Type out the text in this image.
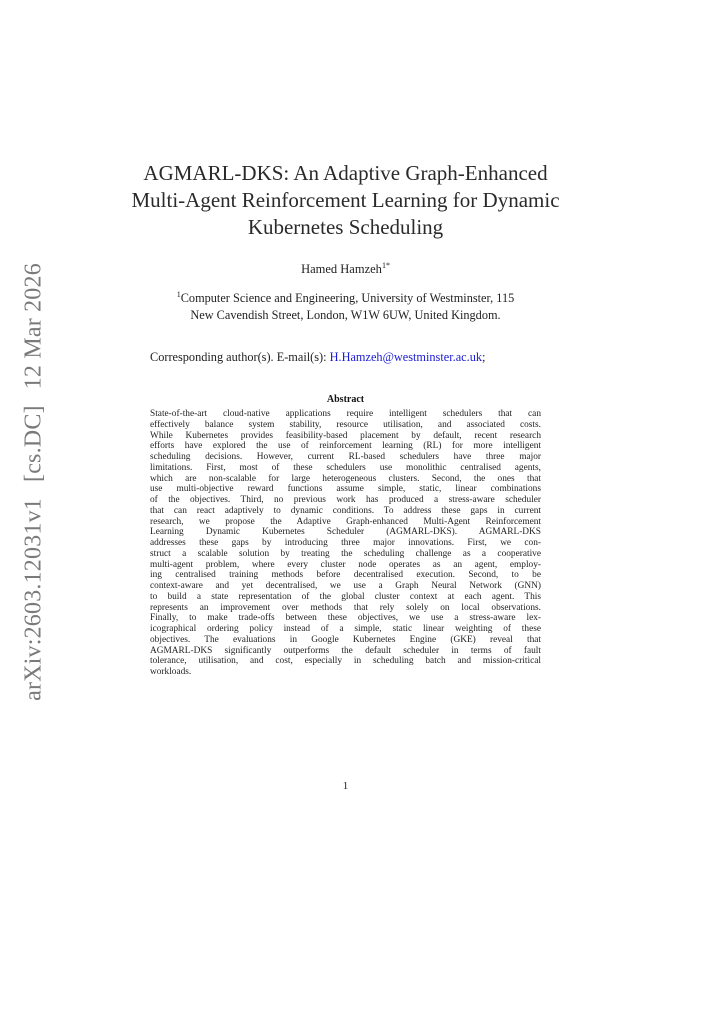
arXiv:2603.12031v1[cs.DC]12 Mar 2026
AGMARL-DKS: An Adaptive Graph-Enhanced
Multi-Agent Reinforcement Learning for Dynamic
Kubernetes Scheduling
Hamed Hamzeh$^{1*}$
$^1$Computer Science and Engineering, University of Westminster, 115
New Cavendish Street, London, W1W 6UW, United Kingdom.
Corresponding author(s). E-mail(s): H.Hamzeh@westminster.ac.uk;
Abstract
State-of-the-art cloud-native applications require intelligent schedulers that can
effectively balance system stability, resource utilisation, and associated costs.
While Kubernetes provides feasibility-based placement by default, recent research
efforts have explored the use of reinforcement learning (RL) for more intelligent
scheduling decisions. However, current RL-based schedulers have three major
limitations. First, most of these schedulers use monolithic centralised agents,
which are non-scalable for large heterogeneous clusters. Second, the ones that
use multi-objective reward functions assume simple, static, linear combinations
of the objectives. Third, no previous work has produced a stress-aware scheduler
that can react adaptively to dynamic conditions. To address these gaps in current
research, we propose the Adaptive Graph-enhanced Multi-Agent Reinforcement
Learning Dynamic Kubernetes Scheduler (AGMARL-DKS). AGMARL-DKS
addresses these gaps by introducing three major innovations. First, we con-
struct a scalable solution by treating the scheduling challenge as a cooperative
multi-agent problem, where every cluster node operates as an agent, employ-
ing centralised training methods before decentralised execution. Second, to be
context-aware and yet decentralised, we use a Graph Neural Network (GNN)
to build a state representation of the global cluster context at each agent. This
represents an improvement over methods that rely solely on local observations.
Finally, to make trade-offs between these objectives, we use a stress-aware lex-
icographical ordering policy instead of a simple, static linear weighting of these
objectives. The evaluations in Google Kubernetes Engine (GKE) reveal that
AGMARL-DKS significantly outperforms the default scheduler in terms of fault
tolerance, utilisation, and cost, especially in scheduling batch and mission-critical
workloads.
1
